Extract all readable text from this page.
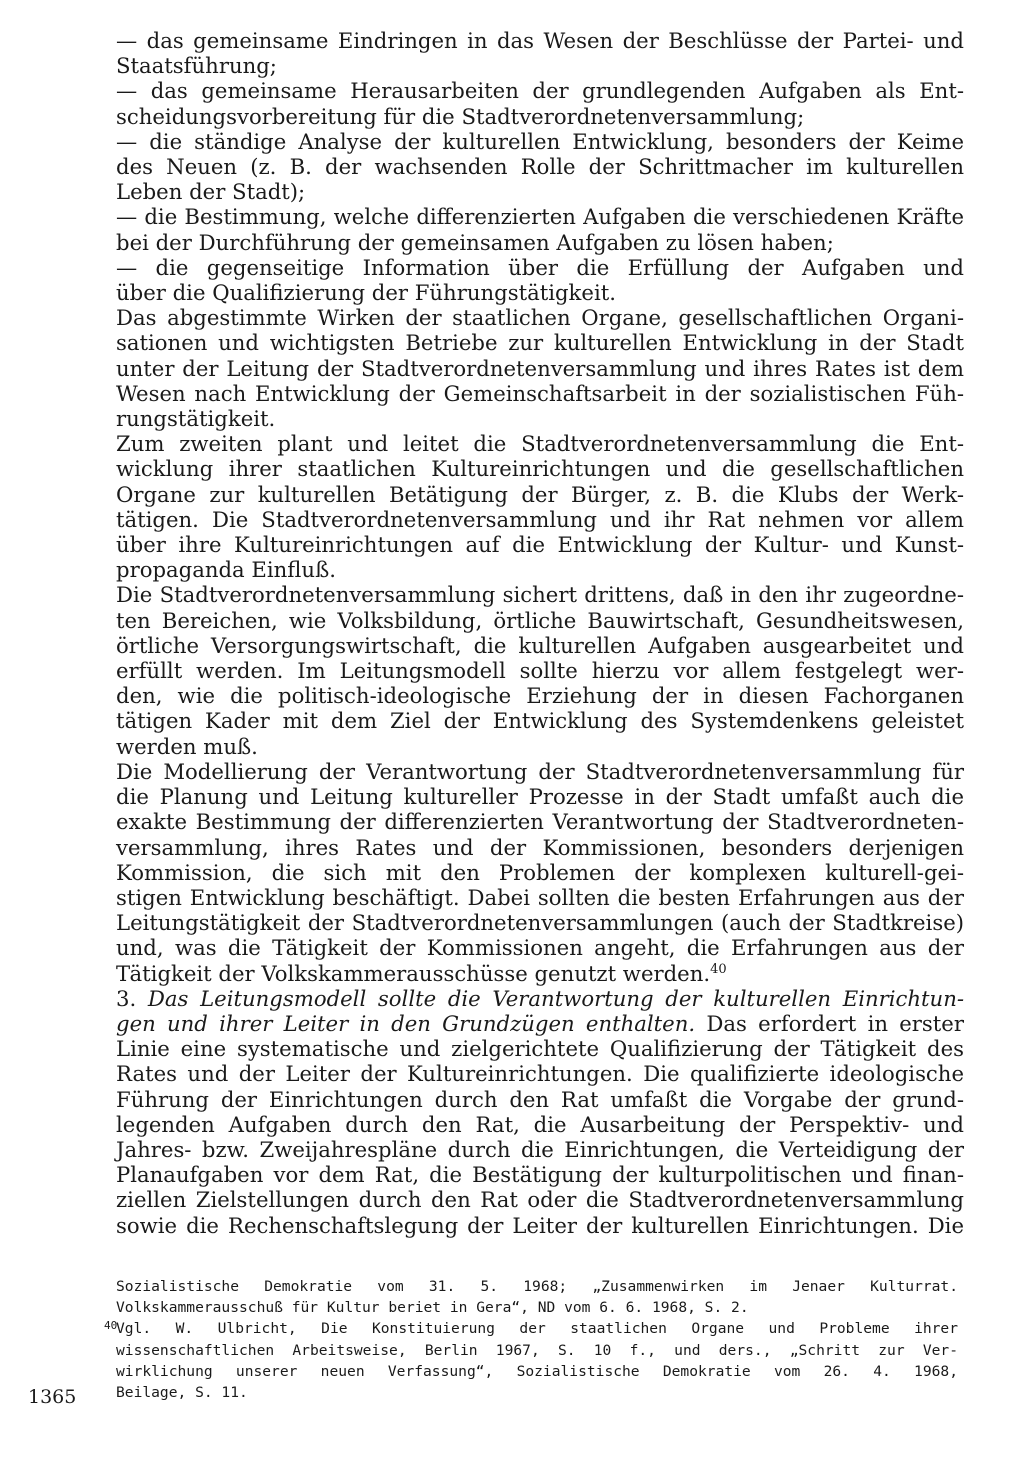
— das gemeinsame Eindringen in das Wesen der Beschlüsse der Partei- und
Staatsführung;
— das gemeinsame Herausarbeiten der grundlegenden Aufgaben als Ent-
scheidungsvorbereitung für die Stadtverordnetenversammlung;
— die ständige Analyse der kulturellen Entwicklung, besonders der Keime
des Neuen (z. B. der wachsenden Rolle der Schrittmacher im kulturellen
Leben der Stadt);
— die Bestimmung, welche differenzierten Aufgaben die verschiedenen Kräfte
bei der Durchführung der gemeinsamen Aufgaben zu lösen haben;
— die gegenseitige Information über die Erfüllung der Aufgaben und
über die Qualifizierung der Führungstätigkeit.
Das abgestimmte Wirken der staatlichen Organe, gesellschaftlichen Organi-
sationen und wichtigsten Betriebe zur kulturellen Entwicklung in der Stadt
unter der Leitung der Stadtverordnetenversammlung und ihres Rates ist dem
Wesen nach Entwicklung der Gemeinschaftsarbeit in der sozialistischen Füh-
rungstätigkeit.
Zum zweiten plant und leitet die Stadtverordnetenversammlung die Ent-
wicklung ihrer staatlichen Kultureinrichtungen und die gesellschaftlichen
Organe zur kulturellen Betätigung der Bürger, z. B. die Klubs der Werk-
tätigen. Die Stadtverordnetenversammlung und ihr Rat nehmen vor allem
über ihre Kultureinrichtungen auf die Entwicklung der Kultur- und Kunst-
propaganda Einfluß.
Die Stadtverordnetenversammlung sichert drittens, daß in den ihr zugeordne-
ten Bereichen, wie Volksbildung, örtliche Bauwirtschaft, Gesundheitswesen,
örtliche Versorgungswirtschaft, die kulturellen Aufgaben ausgearbeitet und
erfüllt werden. Im Leitungsmodell sollte hierzu vor allem festgelegt wer-
den, wie die politisch-ideologische Erziehung der in diesen Fachorganen
tätigen Kader mit dem Ziel der Entwicklung des Systemdenkens geleistet
werden muß.
Die Modellierung der Verantwortung der Stadtverordnetenversammlung für
die Planung und Leitung kultureller Prozesse in der Stadt umfaßt auch die
exakte Bestimmung der differenzierten Verantwortung der Stadtverordneten-
versammlung, ihres Rates und der Kommissionen, besonders derjenigen
Kommission, die sich mit den Problemen der komplexen kulturell-gei-
stigen Entwicklung beschäftigt. Dabei sollten die besten Erfahrungen aus der
Leitungstätigkeit der Stadtverordnetenversammlungen (auch der Stadtkreise)
und, was die Tätigkeit der Kommissionen angeht, die Erfahrungen aus der
Tätigkeit der Volkskammerausschüsse genutzt werden.$^{40}$
3. Das Leitungsmodell sollte die Verantwortung der kulturellen Einrichtun-
gen und ihrer Leiter in den Grundzügen enthalten. Das erfordert in erster
Linie eine systematische und zielgerichtete Qualifizierung der Tätigkeit des
Rates und der Leiter der Kultureinrichtungen. Die qualifizierte ideologische
Führung der Einrichtungen durch den Rat umfaßt die Vorgabe der grund-
legenden Aufgaben durch den Rat, die Ausarbeitung der Perspektiv- und
Jahres- bzw. Zweijahrespläne durch die Einrichtungen, die Verteidigung der
Planaufgaben vor dem Rat, die Bestätigung der kulturpolitischen und finan-
ziellen Zielstellungen durch den Rat oder die Stadtverordnetenversammlung
sowie die Rechenschaftslegung der Leiter der kulturellen Einrichtungen. Die
Sozialistische Demokratie vom 31. 5. 1968; „Zusammenwirken im Jenaer Kulturrat.
Volkskammerausschuß für Kultur beriet in Gera“, ND vom 6. 6. 1968, S. 2.
40
Vgl. W. Ulbricht, Die Konstituierung der staatlichen Organe und Probleme ihrer
wissenschaftlichen Arbeitsweise, Berlin 1967, S. 10 f., und ders., „Schritt zur Ver-
wirklichung unserer neuen Verfassung“, Sozialistische Demokratie vom 26. 4. 1968,
Beilage, S. 11.
1365
